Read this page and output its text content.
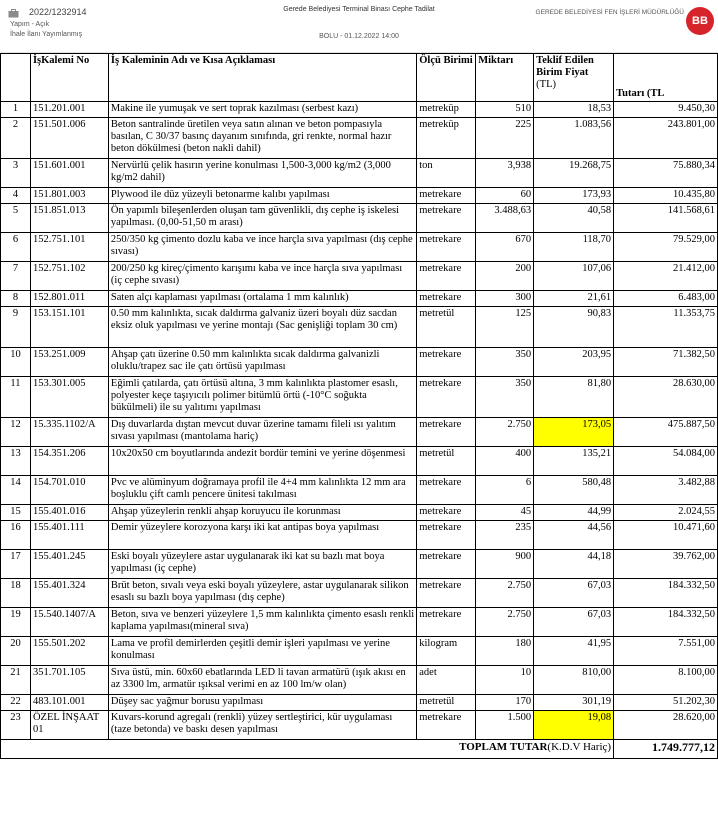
2022/1232914
Yapım - Açık
İhale İlanı Yayımlanmış
Gerede Belediyesi Terminal Binası Cephe Tadilat
BOLU - 01.12.2022 14:00
GEREDE BELEDİYESİ FEN İŞLERİ MÜDÜRLÜĞÜ
BB
	İşKalemi No	İş Kaleminin Adı ve Kısa Açıklaması	Ölçü Birimi	Miktarı	Teklif Edilen
Birim Fiyat
(TL)	Tutarı (TL
1	151.201.001	Makine ile yumuşak ve sert toprak kazılması (serbest kazı)	metreküp	510	18,53	9.450,30
2	151.501.006	Beton santralinde üretilen veya satın alınan ve beton pompasıyla basılan, C 30/37 basınç dayanım sınıfında, gri renkte, normal hazır beton dökülmesi (beton nakli dahil)	metreküp	225	1.083,56	243.801,00
3	151.601.001	Nervürlü çelik hasırın yerine konulması 1,500-3,000 kg/m2 (3,000 kg/m2 dahil)	ton	3,938	19.268,75	75.880,34
4	151.801.003	Plywood ile düz yüzeyli betonarme kalıbı yapılması	metrekare	60	173,93	10.435,80
5	151.851.013	Ön yapımlı bileşenlerden oluşan tam güvenlikli, dış cephe iş iskelesi yapılması. (0,00-51,50 m arası)	metrekare	3.488,63	40,58	141.568,61
6	152.751.101	250/350 kg çimento dozlu kaba ve ince harçla sıva yapılması (dış cephe sıvası)	metrekare	670	118,70	79.529,00
7	152.751.102	200/250 kg kireç/çimento karışımı kaba ve ince harçla sıva yapılması (iç cephe sıvası)	metrekare	200	107,06	21.412,00
8	152.801.011	Saten alçı kaplaması yapılması (ortalama 1 mm kalınlık)	metrekare	300	21,61	6.483,00
9	153.151.101	0.50 mm kalınlıkta, sıcak daldırma galvaniz üzeri boyalı düz sacdan eksiz oluk yapılması ve yerine montajı (Sac genişliği toplam 30 cm)	metretül	125	90,83	11.353,75
10	153.251.009	Ahşap çatı üzerine 0.50 mm kalınlıkta sıcak daldırma galvanizli oluklu/trapez sac ile çatı örtüsü yapılması	metrekare	350	203,95	71.382,50
11	153.301.005	Eğimli çatılarda, çatı örtüsü altına, 3 mm kalınlıkta plastomer esaslı, polyester keçe taşıyıcılı polimer bitümlü örtü (-10°C soğukta bükülmeli) ile su yalıtımı yapılması	metrekare	350	81,80	28.630,00
12	15.335.1102/A	Dış duvarlarda dıştan mevcut duvar üzerine tamamı fileli ısı yalıtım sıvası yapılması (mantolama hariç)	metrekare	2.750	173,05	475.887,50
13	154.351.206	10x20x50 cm boyutlarında andezit bordür temini ve yerine döşenmesi	metretül	400	135,21	54.084,00
14	154.701.010	Pvc ve alüminyum doğramaya profil ile 4+4 mm kalınlıkta 12 mm ara boşluklu çift camlı pencere ünitesi takılması	metrekare	6	580,48	3.482,88
15	155.401.016	Ahşap yüzeylerin renkli ahşap koruyucu ile korunması	metrekare	45	44,99	2.024,55
16	155.401.111	Demir yüzeylere korozyona karşı iki kat antipas boya yapılması	metrekare	235	44,56	10.471,60
17	155.401.245	Eski boyalı yüzeylere astar uygulanarak iki kat su bazlı mat boya yapılması (iç cephe)	metrekare	900	44,18	39.762,00
18	155.401.324	Brüt beton, sıvalı veya eski boyalı yüzeylere, astar uygulanarak silikon esaslı su bazlı boya yapılması (dış cephe)	metrekare	2.750	67,03	184.332,50
19	15.540.1407/A	Beton, sıva ve benzeri yüzeylere 1,5 mm kalınlıkta çimento esaslı renkli kaplama yapılması(mineral sıva)	metrekare	2.750	67,03	184.332,50
20	155.501.202	Lama ve profil demirlerden çeşitli demir işleri yapılması ve yerine konulması	kilogram	180	41,95	7.551,00
21	351.701.105	Sıva üstü, min. 60x60 ebatlarında LED li tavan armatürü (ışık akısı en az 3300 lm, armatür ışıksal verimi en az 100 lm/w olan)	adet	10	810,00	8.100,00
22	483.101.001	Düşey sac yağmur borusu yapılması	metretül	170	301,19	51.202,30
23	ÖZEL İNŞAAT 01	Kuvars-korund agregalı (renkli) yüzey sertleştirici, kür uygulaması (taze betonda) ve baskı desen yapılması	metrekare	1.500	19,08	28.620,00
TOPLAM TUTAR(K.D.V Hariç)						1.749.777,12
